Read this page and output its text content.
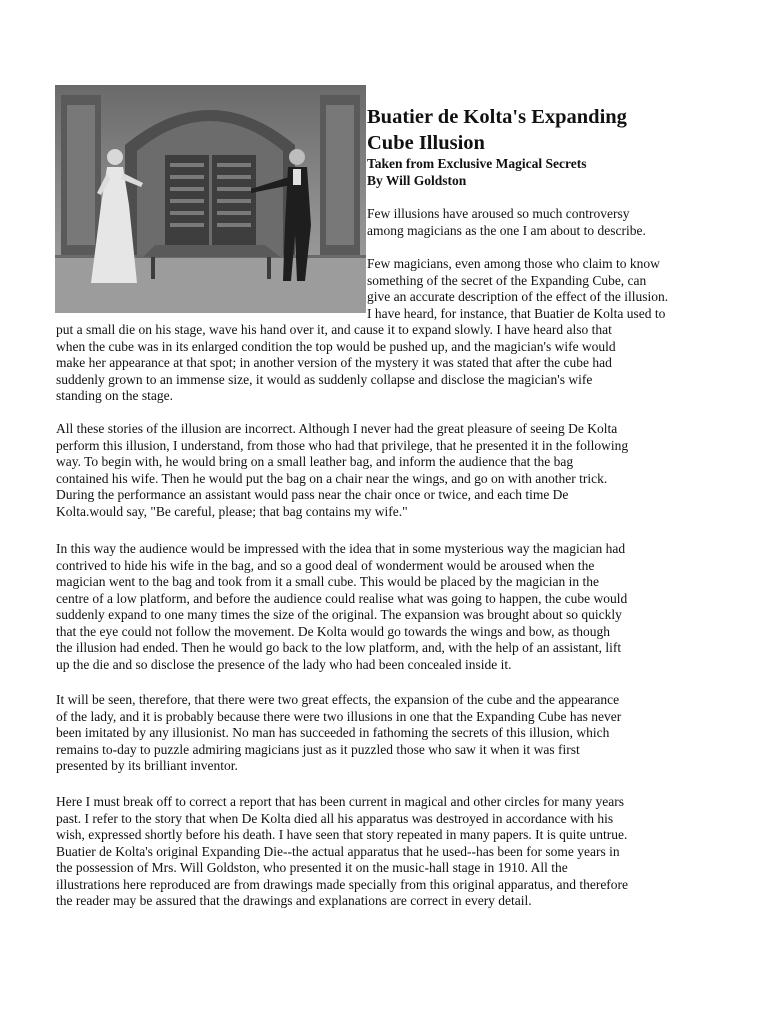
Buatier de Kolta's Expanding
Cube Illusion

Taken from Exclusive Magical Secrets
By Will Goldston

Few illusions have aroused so much controversy
among magicians as the one I am about to describe.

Few magicians, even among those who claim to know
something of the secret of the Expanding Cube, can
give an accurate description of the effect of the illusion.
I have heard, for instance, that Buatier de Kolta used to

put a small die on his stage, wave his hand over it, and cause it to expand slowly. I have heard also that
when the cube was in its enlarged condition the top would be pushed up, and the magician's wife would
make her appearance at that spot; in another version of the mystery it was stated that after the cube had
suddenly grown to an immense size, it would as suddenly collapse and disclose the magician's wife
standing on the stage.

All these stories of the illusion are incorrect. Although I never had the great pleasure of seeing De Kolta
perform this illusion, I understand, from those who had that privilege, that he presented it in the following
way. To begin with, he would bring on a small leather bag, and inform the audience that the bag
contained his wife. Then he would put the bag on a chair near the wings, and go on with another trick.
During the performance an assistant would pass near the chair once or twice, and each time De
Kolta.would say, "Be careful, please; that bag contains my wife."

In this way the audience would be impressed with the idea that in some mysterious way the magician had
contrived to hide his wife in the bag, and so a good deal of wonderment would be aroused when the
magician went to the bag and took from it a small cube. This would be placed by the magician in the
centre of a low platform, and before the audience could realise what was going to happen, the cube would
suddenly expand to one many times the size of the original. The expansion was brought about so quickly
that the eye could not follow the movement. De Kolta would go towards the wings and bow, as though
the illusion had ended. Then he would go back to the low platform, and, with the help of an assistant, lift
up the die and so disclose the presence of the lady who had been concealed inside it.

It will be seen, therefore, that there were two great effects, the expansion of the cube and the appearance
of the lady, and it is probably because there were two illusions in one that the Expanding Cube has never
been imitated by any illusionist. No man has succeeded in fathoming the secrets of this illusion, which
remains to-day to puzzle admiring magicians just as it puzzled those who saw it when it was first
presented by its brilliant inventor.

Here I must break off to correct a report that has been current in magical and other circles for many years
past. I refer to the story that when De Kolta died all his apparatus was destroyed in accordance with his
wish, expressed shortly before his death. I have seen that story repeated in many papers. It is quite untrue.
Buatier de Kolta's original Expanding Die--the actual apparatus that he used--has been for some years in
the possession of Mrs. Will Goldston, who presented it on the music-hall stage in 1910. All the
illustrations here reproduced are from drawings made specially from this original apparatus, and therefore
the reader may be assured that the drawings and explanations are correct in every detail.
